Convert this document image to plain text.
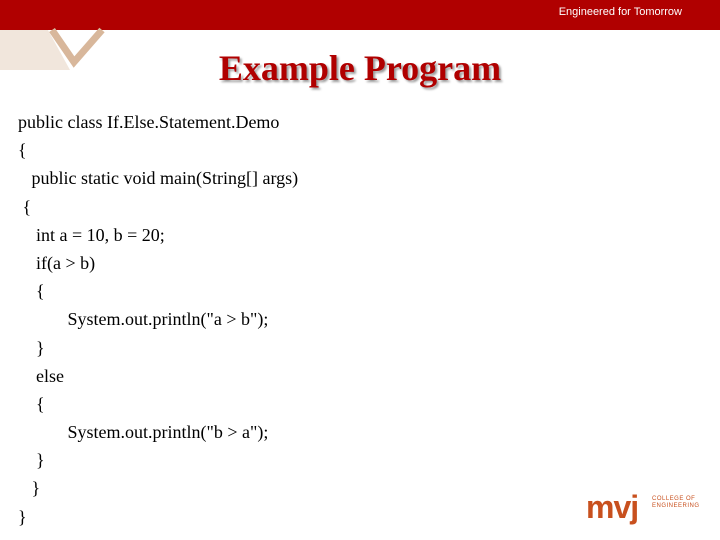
Engineered for Tomorrow
Example Program
public class If.Else.Statement.Demo
{
public static void main(String[] args)
{
int a = 10, b = 20;
if(a > b)
{
System.out.println("a > b");
}
else
{
System.out.println("b > a");
}
}
}	mvj COLLEGE OF
ENGINEERING
